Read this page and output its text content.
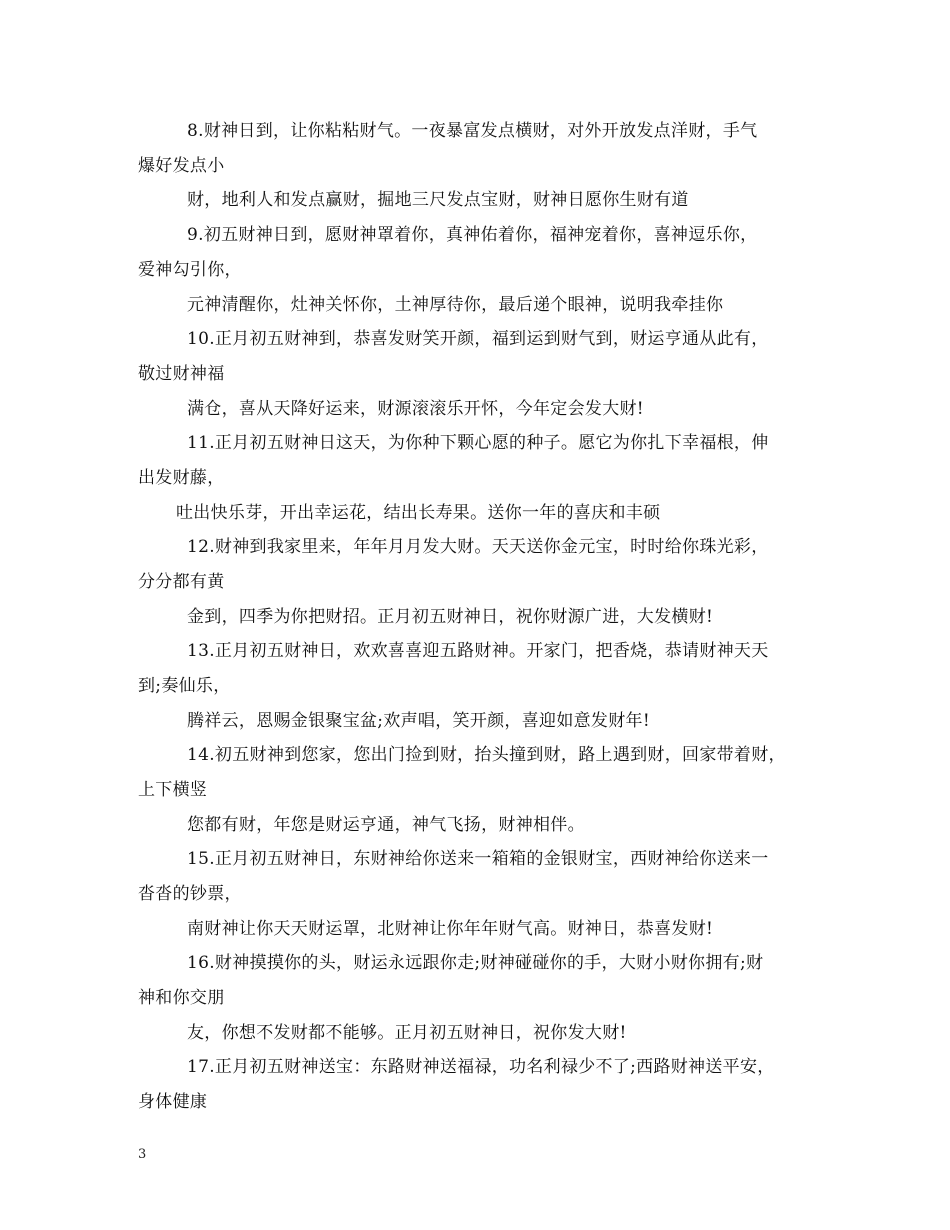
8.财神日到，让你粘粘财气。一夜暴富发点横财，对外开放发点洋财，手气
爆好发点小
财，地利人和发点赢财，掘地三尺发点宝财，财神日愿你生财有道
9.初五财神日到，愿财神罩着你，真神佑着你，福神宠着你，喜神逗乐你，
爱神勾引你，
元神清醒你，灶神关怀你，土神厚待你，最后递个眼神，说明我牵挂你
10.正月初五财神到，恭喜发财笑开颜，福到运到财气到，财运亨通从此有，
敬过财神福
满仓，喜从天降好运来，财源滚滚乐开怀，今年定会发大财!
11.正月初五财神日这天，为你种下颗心愿的种子。愿它为你扎下幸福根，伸
出发财藤，
吐出快乐芽，开出幸运花，结出长寿果。送你一年的喜庆和丰硕
12.财神到我家里来，年年月月发大财。天天送你金元宝，时时给你珠光彩，
分分都有黄
金到，四季为你把财招。正月初五财神日，祝你财源广进，大发横财!
13.正月初五财神日，欢欢喜喜迎五路财神。开家门，把香烧，恭请财神天天
到;奏仙乐，
腾祥云，恩赐金银聚宝盆;欢声唱，笑开颜，喜迎如意发财年!
14.初五财神到您家，您出门捡到财，抬头撞到财，路上遇到财，回家带着财，
上下横竖
您都有财，年您是财运亨通，神气飞扬，财神相伴。
15.正月初五财神日，东财神给你送来一箱箱的金银财宝，西财神给你送来一
沓沓的钞票，
南财神让你天天财运罩，北财神让你年年财气高。财神日，恭喜发财!
16.财神摸摸你的头，财运永远跟你走;财神碰碰你的手，大财小财你拥有;财
神和你交朋
友，你想不发财都不能够。正月初五财神日，祝你发大财!
17.正月初五财神送宝：东路财神送福禄，功名利禄少不了;西路财神送平安，
身体健康
3
